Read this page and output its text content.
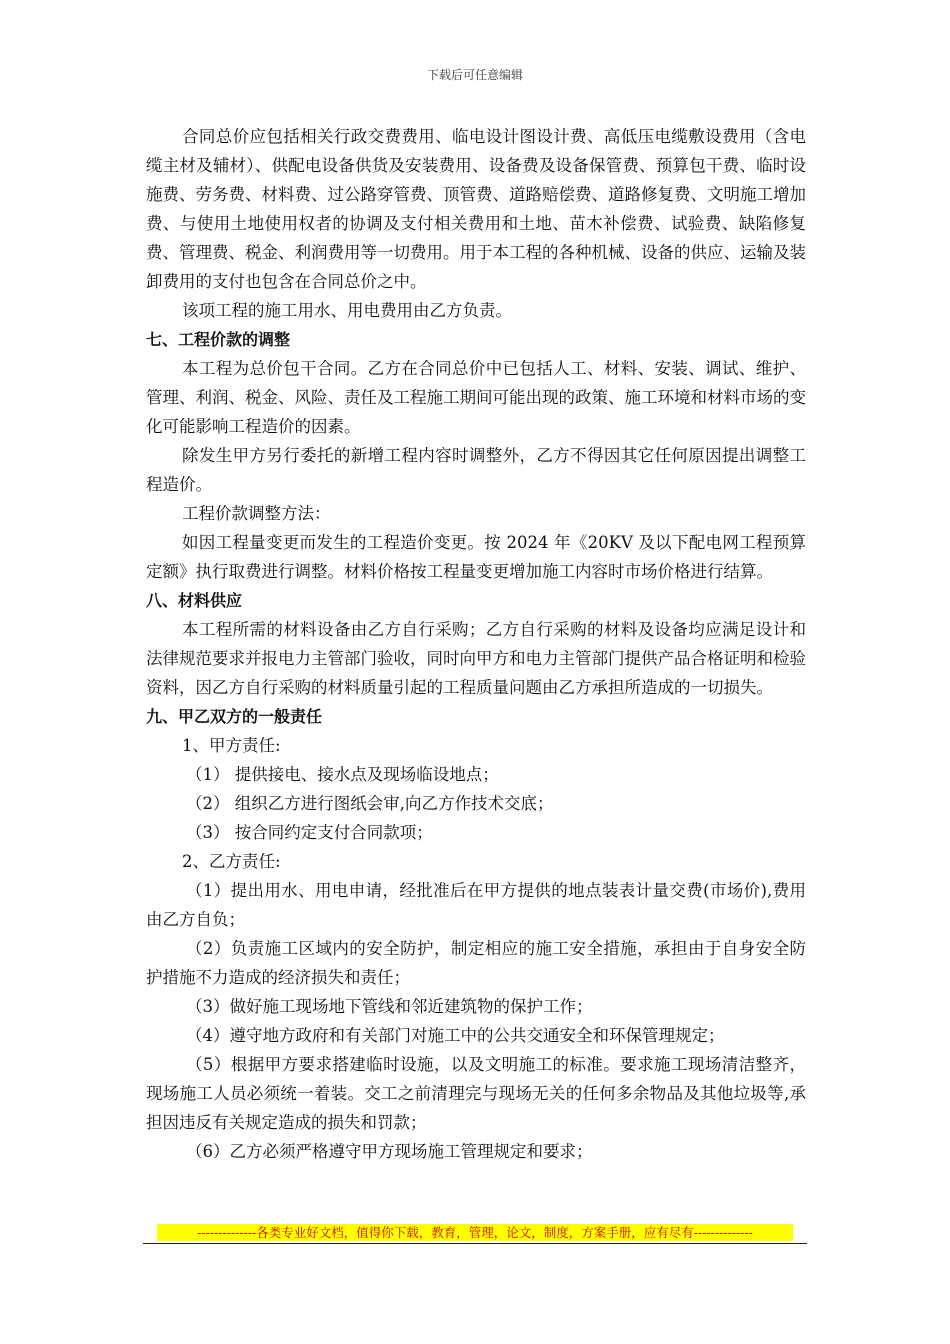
下载后可任意编辑

合同总价应包括相关行政交费费用、临电设计图设计费、高低压电缆敷设费用（含电缆主材及辅材）、供配电设备供货及安装费用、设备费及设备保管费、预算包干费、临时设施费、劳务费、材料费、过公路穿管费、顶管费、道路赔偿费、道路修复费、文明施工增加费、与使用土地使用权者的协调及支付相关费用和土地、苗木补偿费、试验费、缺陷修复费、管理费、税金、利润费用等一切费用。用于本工程的各种机械、设备的供应、运输及装卸费用的支付也包含在合同总价之中。

该项工程的施工用水、用电费用由乙方负责。

七、工程价款的调整

本工程为总价包干合同。乙方在合同总价中已包括人工、材料、安装、调试、维护、管理、利润、税金、风险、责任及工程施工期间可能出现的政策、施工环境和材料市场的变化可能影响工程造价的因素。

除发生甲方另行委托的新增工程内容时调整外，乙方不得因其它任何原因提出调整工程造价。

工程价款调整方法：

如因工程量变更而发生的工程造价变更。按 2024 年《20KV 及以下配电网工程预算定额》执行取费进行调整。材料价格按工程量变更增加施工内容时市场价格进行结算。

八、材料供应

本工程所需的材料设备由乙方自行采购；乙方自行采购的材料及设备均应满足设计和法律规范要求并报电力主管部门验收，同时向甲方和电力主管部门提供产品合格证明和检验资料，因乙方自行采购的材料质量引起的工程质量问题由乙方承担所造成的一切损失。

九、甲乙双方的一般责任

1、甲方责任:

（1） 提供接电、接水点及现场临设地点；

（2） 组织乙方进行图纸会审,向乙方作技术交底；

（3） 按合同约定支付合同款项；

2、乙方责任:

（1）提出用水、用电申请，经批准后在甲方提供的地点装表计量交费(市场价),费用由乙方自负；

（2）负责施工区域内的安全防护，制定相应的施工安全措施，承担由于自身安全防护措施不力造成的经济损失和责任；

（3）做好施工现场地下管线和邻近建筑物的保护工作；

（4）遵守地方政府和有关部门对施工中的公共交通安全和环保管理规定；

（5）根据甲方要求搭建临时设施，以及文明施工的标准。要求施工现场清洁整齐，现场施工人员必须统一着装。交工之前清理完与现场无关的任何多余物品及其他垃圾等,承担因违反有关规定造成的损失和罚款；

（6）乙方必须严格遵守甲方现场施工管理规定和要求；

--------------各类专业好文档，值得你下载，教育，管理，论文，制度，方案手册，应有尽有--------------
